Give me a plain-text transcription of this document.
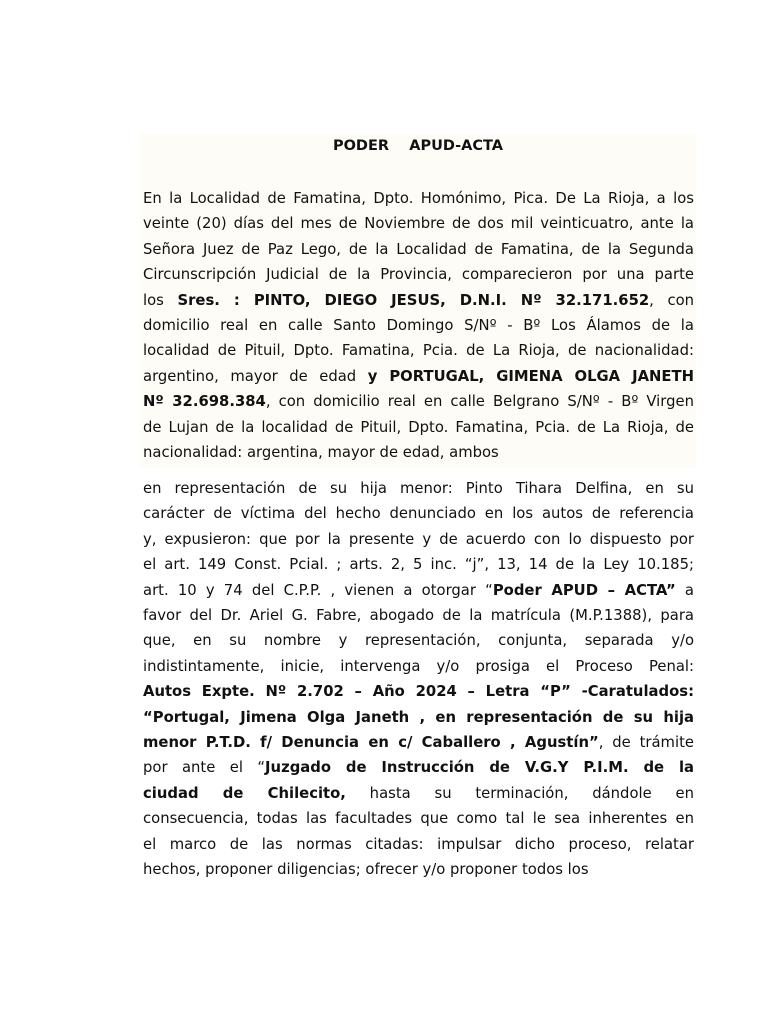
PODER    APUD-ACTA

En la Localidad de Famatina, Dpto. Homónimo, Pica. De La Rioja, a los
veinte (20) días del mes de Noviembre de dos mil veinticuatro, ante la
Señora Juez de Paz Lego, de la Localidad de Famatina, de la Segunda
Circunscripción Judicial de la Provincia, comparecieron por una parte
los Sres. : PINTO, DIEGO JESUS, D.N.I. Nº 32.171.652, con
domicilio real en calle Santo Domingo S/Nº - Bº Los Álamos de la
localidad de Pituil, Dpto. Famatina, Pcia. de La Rioja, de nacionalidad:
argentino, mayor de edad y PORTUGAL, GIMENA OLGA JANETH
Nº 32.698.384, con domicilio real en calle Belgrano S/Nº - Bº Virgen
de Lujan de la localidad de Pituil, Dpto. Famatina, Pcia. de La Rioja, de
nacionalidad: argentina, mayor de edad, ambos

en representación de su hija menor: Pinto Tihara Delfina, en su
carácter de víctima del hecho denunciado en los autos de referencia
y, expusieron: que por la presente y de acuerdo con lo dispuesto por
el art. 149 Const. Pcial. ; arts. 2, 5 inc. “j”, 13, 14 de la Ley 10.185;
art. 10 y 74 del C.P.P. , vienen a otorgar “Poder APUD – ACTA” a
favor del Dr. Ariel G. Fabre, abogado de la matrícula (M.P.1388), para
que, en su nombre y representación, conjunta, separada y/o
indistintamente, inicie, intervenga y/o prosiga el Proceso Penal:
Autos Expte. Nº 2.702 – Año 2024 – Letra “P” -Caratulados:
“Portugal, Jimena Olga Janeth , en representación de su hija
menor P.T.D. f/ Denuncia en c/ Caballero , Agustín”, de trámite
por ante el “Juzgado de Instrucción de V.G.Y P.I.M. de la
ciudad de Chilecito, hasta su terminación, dándole en
consecuencia, todas las facultades que como tal le sea inherentes en
el marco de las normas citadas: impulsar dicho proceso, relatar
hechos, proponer diligencias; ofrecer y/o proponer todos los
